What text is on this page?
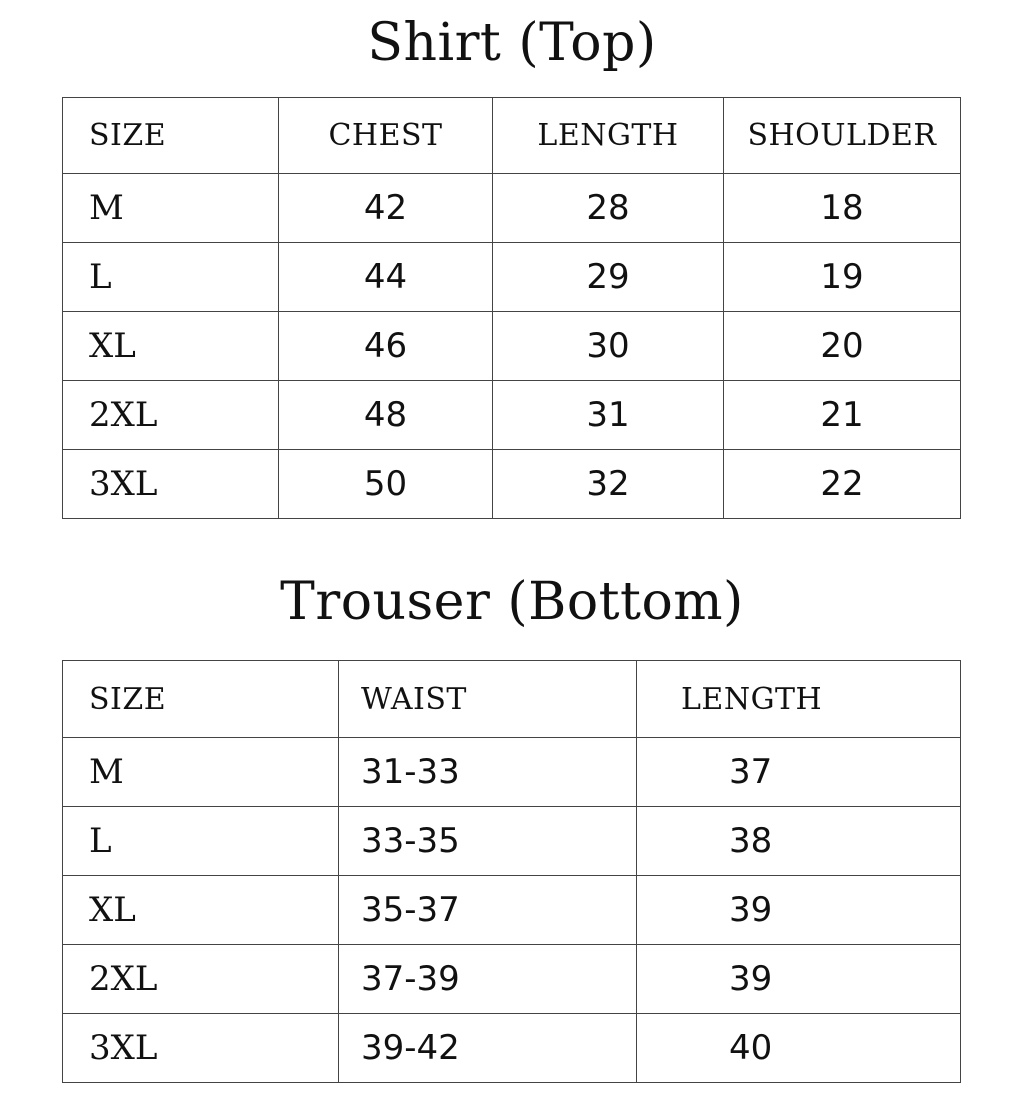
Shirt (Top)
SIZE	CHEST	LENGTH	SHOULDER
M	42	28	18
L	44	29	19
XL	46	30	20
2XL	48	31	21
3XL	50	32	22
Trouser (Bottom)
SIZE	WAIST	LENGTH
M	31-33	37
L	33-35	38
XL	35-37	39
2XL	37-39	39
3XL	39-42	40
